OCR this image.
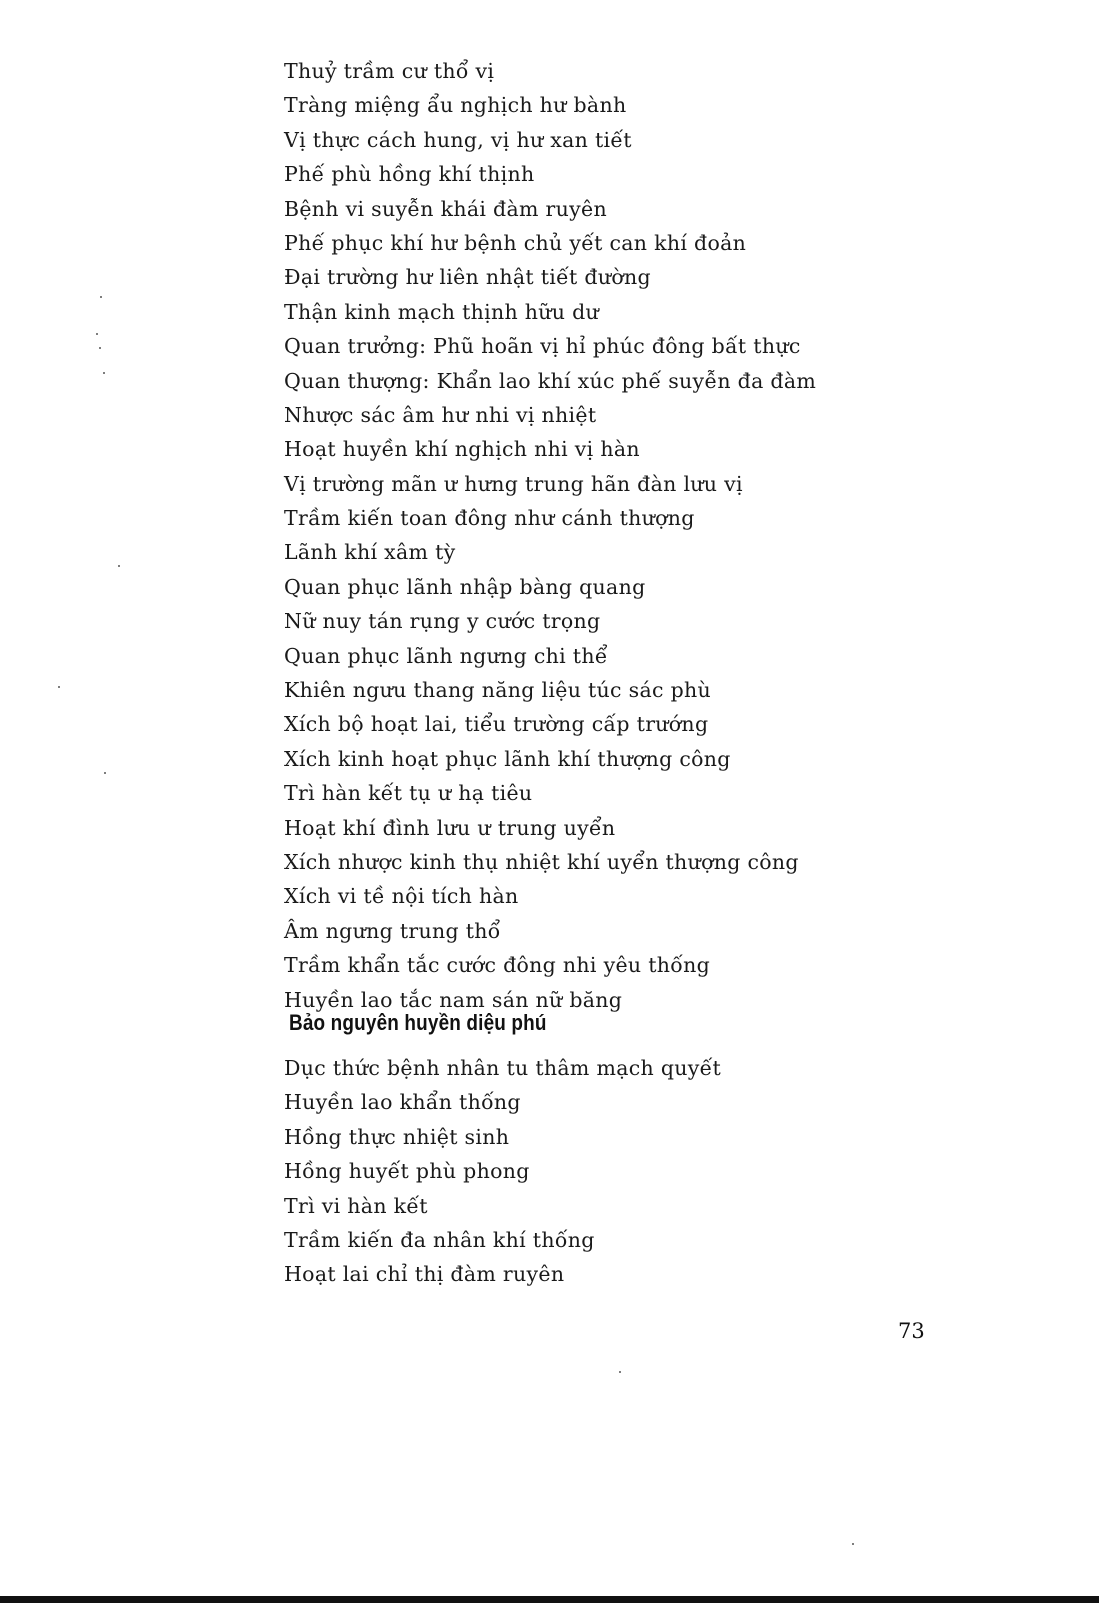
Thuỷ trầm cư thổ vị
Tràng miệng ẩu nghịch hư bành
Vị thực cách hung, vị hư xan tiết
Phế phù hồng khí thịnh
Bệnh vi suyễn khái đàm ruyên
Phế phục khí hư bệnh chủ yết can khí đoản
Đại trường hư liên nhật tiết đường
Thận kinh mạch thịnh hữu dư
Quan trưởng: Phũ hoãn vị hỉ phúc đông bất thực
Quan thượng: Khẩn lao khí xúc phế suyễn đa đàm
Nhược sác âm hư nhi vị nhiệt
Hoạt huyền khí nghịch nhi vị hàn
Vị trường mãn ư hưng trung hãn đàn lưu vị
Trầm kiến toan đông như cánh thượng
Lãnh khí xâm tỳ
Quan phục lãnh nhập bàng quang
Nữ nuy tán rụng y cước trọng
Quan phục lãnh ngưng chi thể
Khiên ngưu thang năng liệu túc sác phù
Xích bộ hoạt lai, tiểu trường cấp trướng
Xích kinh hoạt phục lãnh khí thượng công
Trì hàn kết tụ ư hạ tiêu
Hoạt khí đình lưu ư trung uyển
Xích nhược kinh thụ nhiệt khí uyển thượng công
Xích vi tề nội tích hàn
Âm ngưng trung thổ
Trầm khẩn tắc cước đông nhi yêu thống
Huyền lao tắc nam sán nữ băng
Bảo nguyên huyền diệu phú
Dục thức bệnh nhân tu thâm mạch quyết
Huyền lao khẩn thống
Hồng thực nhiệt sinh
Hồng huyết phù phong
Trì vi hàn kết
Trầm kiến đa nhân khí thống
Hoạt lai chỉ thị đàm ruyên
73
